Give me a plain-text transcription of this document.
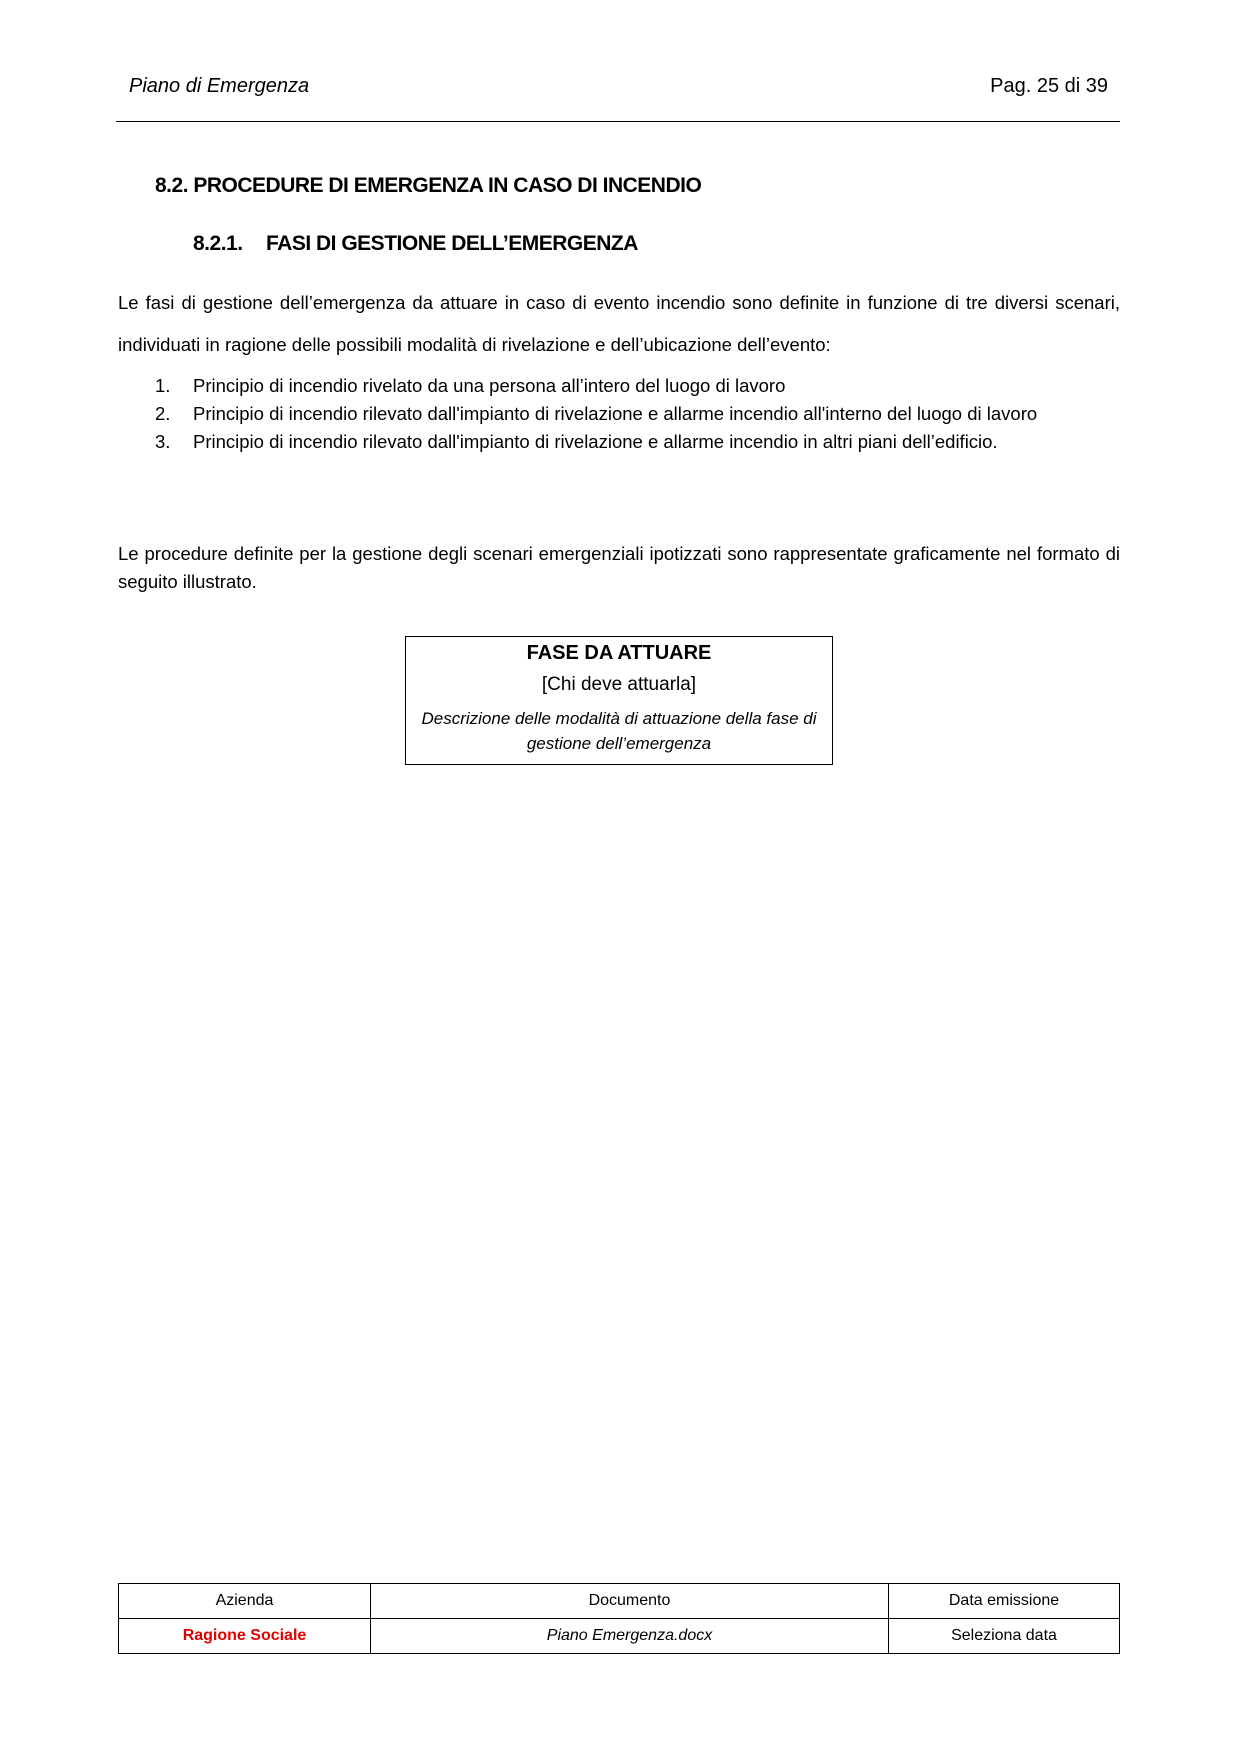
Piano di Emergenza	Pag. 25 di 39
8.2. PROCEDURE DI EMERGENZA IN CASO DI INCENDIO
8.2.1. FASI DI GESTIONE DELL’EMERGENZA
Le fasi di gestione dell’emergenza da attuare in caso di evento incendio sono definite in funzione di tre diversi scenari, individuati in ragione delle possibili modalità di rivelazione e dell’ubicazione dell’evento:
1.	Principio di incendio rivelato da una persona all’intero del luogo di lavoro
2.	Principio di incendio rilevato dall'impianto di rivelazione e allarme incendio all'interno del luogo di lavoro
3.	Principio di incendio rilevato dall'impianto di rivelazione e allarme incendio in altri piani dell’edificio.
Le procedure definite per la gestione degli scenari emergenziali ipotizzati sono rappresentate graficamente nel formato di seguito illustrato.
FASE DA ATTUARE
[Chi deve attuarla]
Descrizione delle modalità di attuazione della fase di gestione dell’emergenza
Azienda	Documento	Data emissione
Ragione Sociale	Piano Emergenza.docx	Seleziona data
